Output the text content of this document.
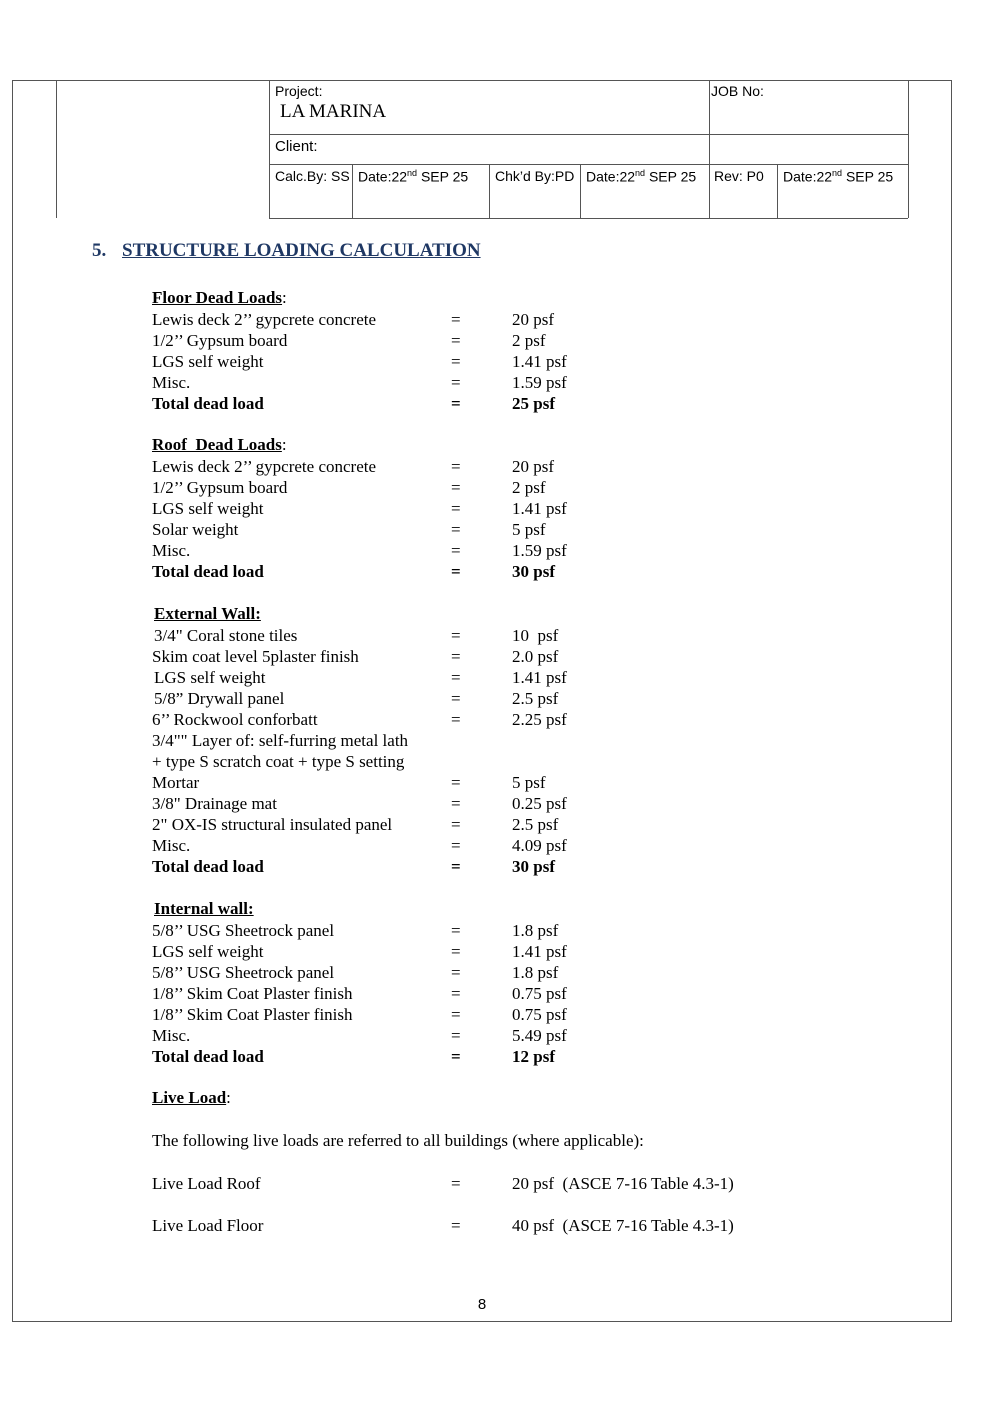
Project:
LA MARINA
JOB No:
Client:
Calc.By: SS Date:22nd SEP 25 Chk’d By:PD Date:22nd SEP 25 Rev: P0 Date:22nd SEP 25
5. STRUCTURE LOADING CALCULATION
Floor Dead Loads:
Lewis deck 2’’ gypcrete concrete	=	20 psf
1/2’’ Gypsum board	=	2 psf
LGS self weight	=	1.41 psf
Misc.	=	1.59 psf
Total dead load	=	25 psf
Roof  Dead Loads:
Lewis deck 2’’ gypcrete concrete	=	20 psf
1/2’’ Gypsum board	=	2 psf
LGS self weight	=	1.41 psf
Solar weight	=	5 psf
Misc.	=	1.59 psf
Total dead load	=	30 psf
External Wall:
3/4" Coral stone tiles	=	10  psf
Skim coat level 5plaster finish	=	2.0 psf
LGS self weight	=	1.41 psf
5/8” Drywall panel	=	2.5 psf
6’’ Rockwool conforbatt	=	2.25 psf
3/4"" Layer of: self-furring metal lath
+ type S scratch coat + type S setting
Mortar	=	5 psf
3/8" Drainage mat	=	0.25 psf
2" OX-IS structural insulated panel	=	2.5 psf
Misc.	=	4.09 psf
Total dead load	=	30 psf
Internal wall:
5/8’’ USG Sheetrock panel	=	1.8 psf
LGS self weight	=	1.41 psf
5/8’’ USG Sheetrock panel	=	1.8 psf
1/8’’ Skim Coat Plaster finish	=	0.75 psf
1/8’’ Skim Coat Plaster finish	=	0.75 psf
Misc.	=	5.49 psf
Total dead load	=	12 psf
Live Load:
The following live loads are referred to all buildings (where applicable):
Live Load Roof	=	20 psf  (ASCE 7-16 Table 4.3-1)
Live Load Floor	=	40 psf  (ASCE 7-16 Table 4.3-1)
8
